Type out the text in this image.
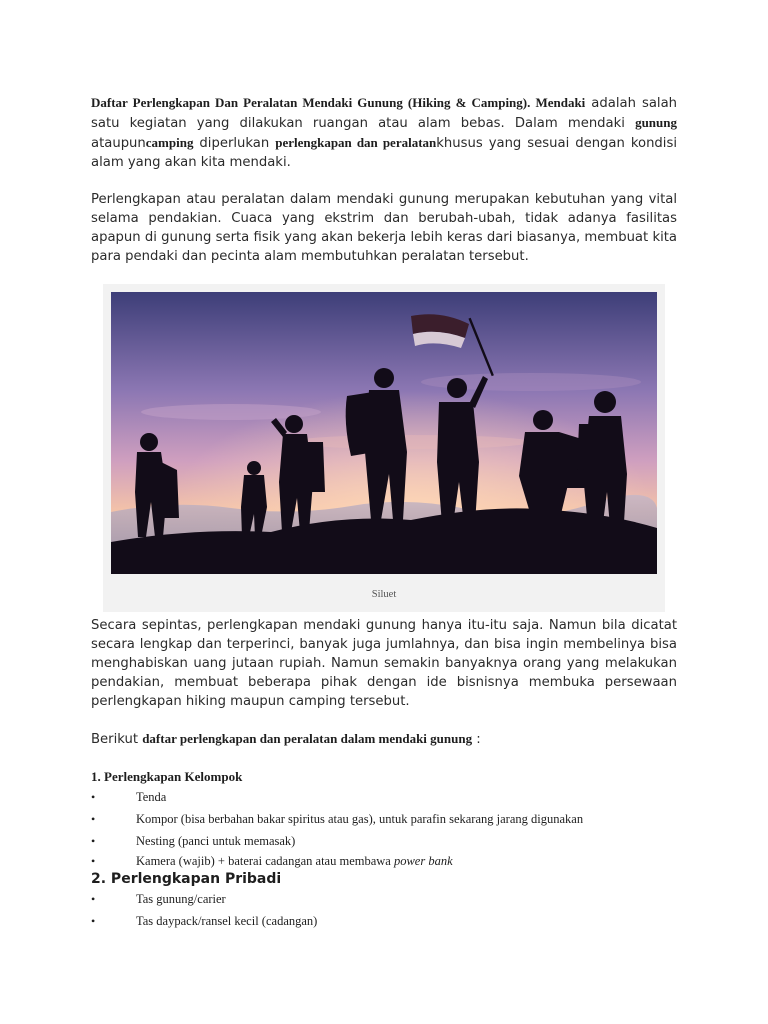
Daftar Perlengkapan Dan Peralatan Mendaki Gunung (Hiking & Camping). Mendaki adalah salah satu kegiatan yang dilakukan ruangan atau alam bebas. Dalam mendaki gunung ataupuncamping diperlukan perlengkapan dan peralatankhusus yang sesuai dengan kondisi alam yang akan kita mendaki.

Perlengkapan atau peralatan dalam mendaki gunung merupakan kebutuhan yang vital selama pendakian. Cuaca yang ekstrim dan berubah-ubah, tidak adanya fasilitas apapun di gunung serta fisik yang akan bekerja lebih keras dari biasanya, membuat kita para pendaki dan pecinta alam membutuhkan peralatan tersebut.

Siluet

Secara sepintas, perlengkapan mendaki gunung hanya itu-itu saja. Namun bila dicatat secara lengkap dan terperinci, banyak juga jumlahnya, dan bisa ingin membelinya bisa menghabiskan uang jutaan rupiah. Namun semakin banyaknya orang yang melakukan pendakian, membuat beberapa pihak dengan ide bisnisnya membuka persewaan perlengkapan hiking maupun camping tersebut.

Berikut daftar perlengkapan dan peralatan dalam mendaki gunung :

1. Perlengkapan Kelompok

•	Tenda
•	Kompor (bisa berbahan bakar spiritus atau gas), untuk parafin sekarang jarang digunakan
•	Nesting (panci untuk memasak)
•	Kamera (wajib) + baterai cadangan atau membawa power bank

2. Perlengkapan Pribadi

•	Tas gunung/carier
•	Tas daypack/ransel kecil (cadangan)
